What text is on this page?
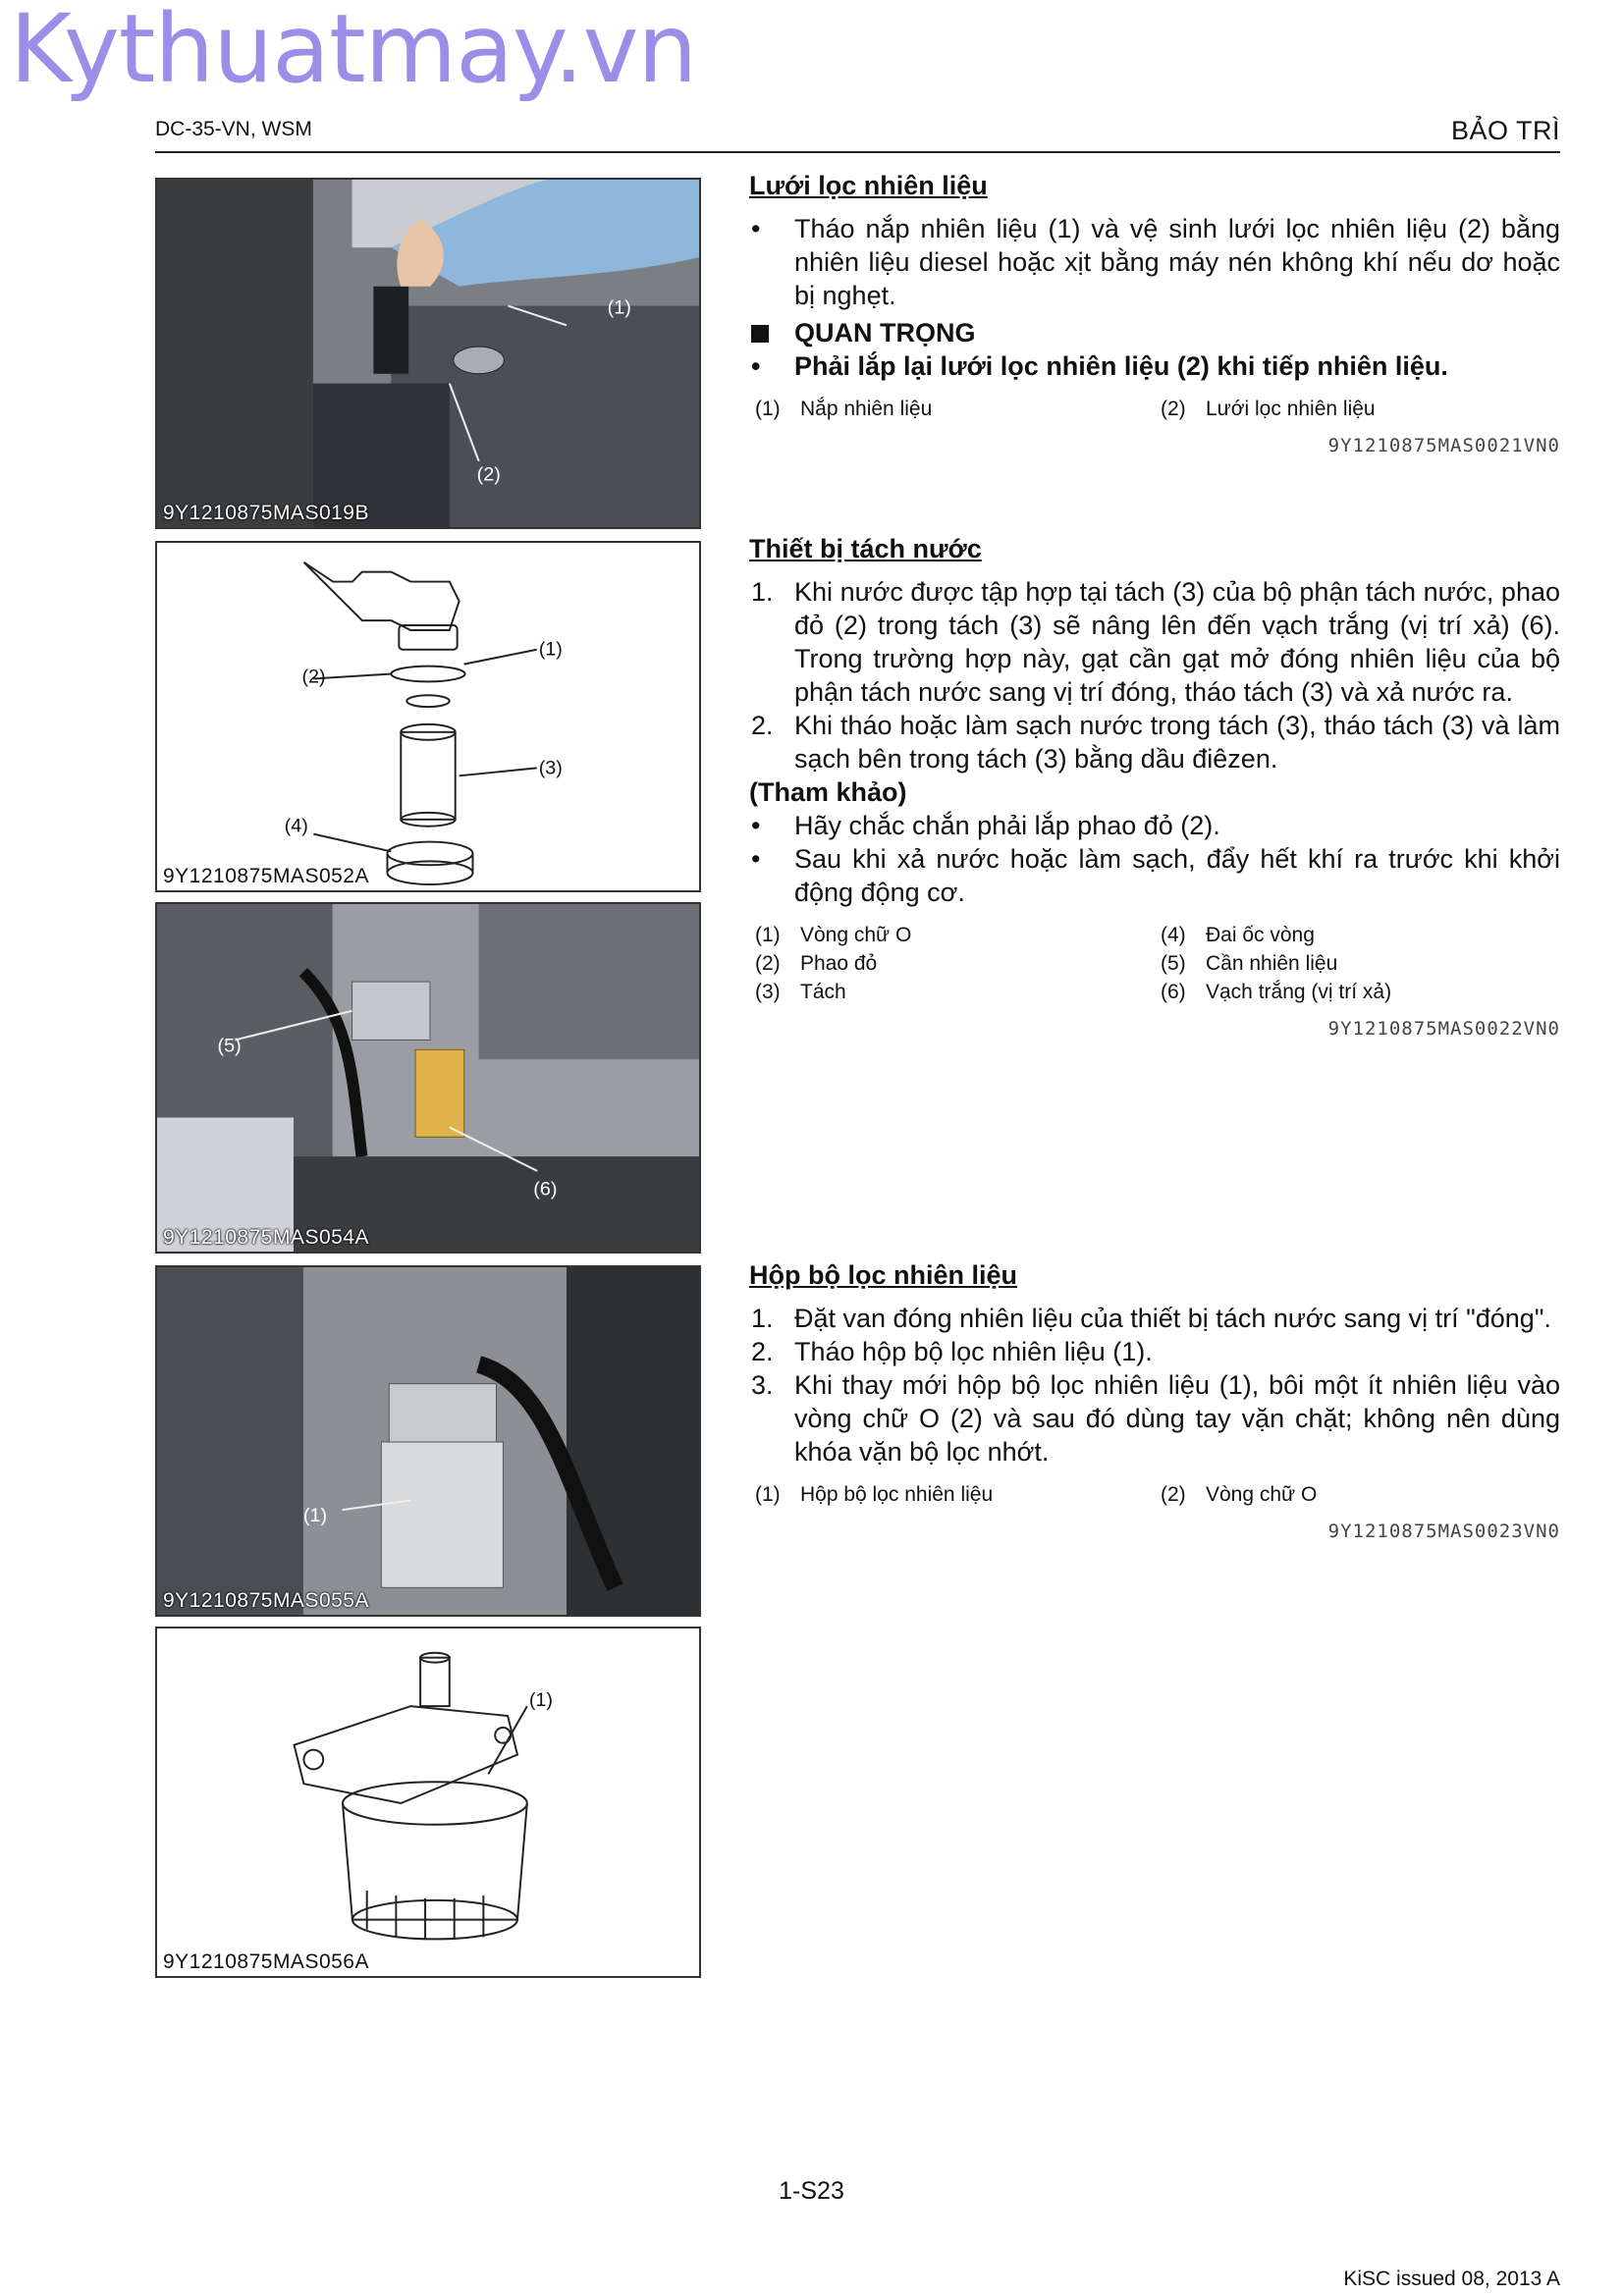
Kythuatmay.vn
DC-35-VN, WSM	BẢO TRÌ
(1)
(2)
9Y1210875MAS019B
(1)
(2)
(3)
(4)
9Y1210875MAS052A
(5)
(6)
9Y1210875MAS054A
(1)
9Y1210875MAS055A
(1)
9Y1210875MAS056A
Lưới lọc nhiên liệu
• Tháo nắp nhiên liệu (1) và vệ sinh lưới lọc nhiên liệu (2) bằng nhiên liệu diesel hoặc xịt bằng máy nén không khí nếu dơ hoặc bị nghẹt.
QUAN TRỌNG
• Phải lắp lại lưới lọc nhiên liệu (2) khi tiếp nhiên liệu.
(1) Nắp nhiên liệu	(2) Lưới lọc nhiên liệu
9Y1210875MAS0021VN0
Thiết bị tách nước
1. Khi nước được tập hợp tại tách (3) của bộ phận tách nước, phao đỏ (2) trong tách (3) sẽ nâng lên đến vạch trắng (vị trí xả) (6). Trong trường hợp này, gạt cần gạt mở đóng nhiên liệu của bộ phận tách nước sang vị trí đóng, tháo tách (3) và xả nước ra.
2. Khi tháo hoặc làm sạch nước trong tách (3), tháo tách (3) và làm sạch bên trong tách (3) bằng dầu điêzen.
(Tham khảo)
• Hãy chắc chắn phải lắp phao đỏ (2).
• Sau khi xả nước hoặc làm sạch, đẩy hết khí ra trước khi khởi động động cơ.
(1) Vòng chữ O	(4) Đai ốc vòng
(2) Phao đỏ	(5) Cần nhiên liệu
(3) Tách	(6) Vạch trắng (vị trí xả)
9Y1210875MAS0022VN0
Hộp bộ lọc nhiên liệu
1. Đặt van đóng nhiên liệu của thiết bị tách nước sang vị trí "đóng".
2. Tháo hộp bộ lọc nhiên liệu (1).
3. Khi thay mới hộp bộ lọc nhiên liệu (1), bôi một ít nhiên liệu vào vòng chữ O (2) và sau đó dùng tay vặn chặt; không nên dùng khóa vặn bộ lọc nhớt.
(1) Hộp bộ lọc nhiên liệu	(2) Vòng chữ O
9Y1210875MAS0023VN0
1-S23
KiSC issued 08, 2013 A
